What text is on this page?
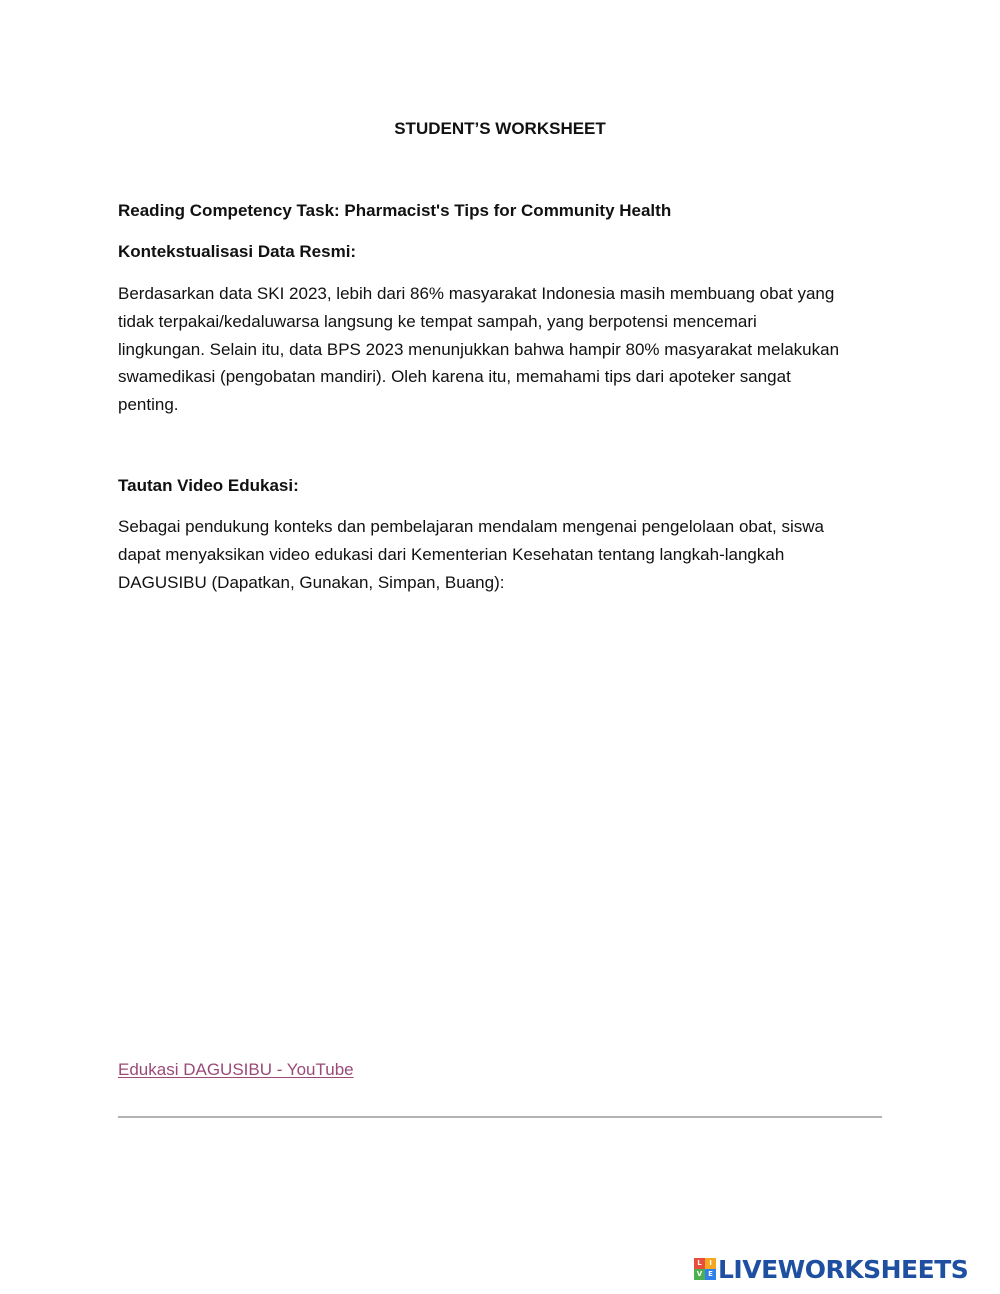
STUDENT’S WORKSHEET
Reading Competency Task: Pharmacist's Tips for Community Health
Kontekstualisasi Data Resmi:
Berdasarkan data SKI 2023, lebih dari 86% masyarakat Indonesia masih membuang obat yang
tidak terpakai/kedaluwarsa langsung ke tempat sampah, yang berpotensi mencemari
lingkungan. Selain itu, data BPS 2023 menunjukkan bahwa hampir 80% masyarakat melakukan
swamedikasi (pengobatan mandiri). Oleh karena itu, memahami tips dari apoteker sangat
penting.
Tautan Video Edukasi:
Sebagai pendukung konteks dan pembelajaran mendalam mengenai pengelolaan obat, siswa
dapat menyaksikan video edukasi dari Kementerian Kesehatan tentang langkah-langkah
DAGUSIBU (Dapatkan, Gunakan, Simpan, Buang):
Edukasi DAGUSIBU - YouTube
L	I
V E LIVEWORKSHEETS
